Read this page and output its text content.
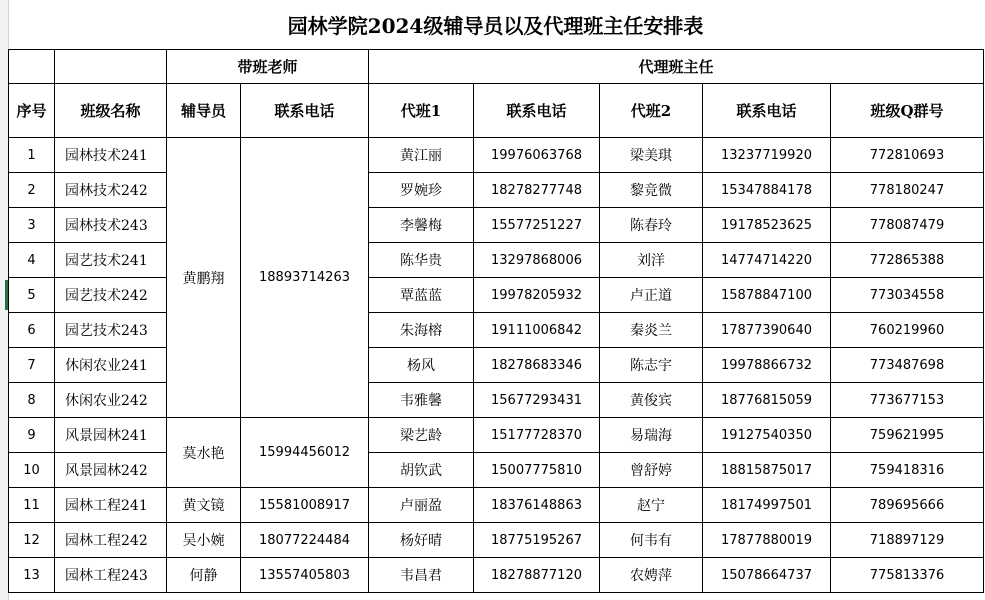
园林学院2024级辅导员以及代理班主任安排表
		带班老师		代理班主任				
序号	班级名称	辅导员	联系电话	代班1	联系电话	代班2	联系电话	班级Q群号
1	园林技术241	黄鹏翔	18893714263	黄江丽	19976063768	梁美琪	13237719920	772810693
2	园林技术242			罗婉珍	18278277748	黎竞微	15347884178	778180247
3	园林技术243			李馨梅	15577251227	陈春玲	19178523625	778087479
4	园艺技术241			陈华贵	13297868006	刘洋	14774714220	772865388
5	园艺技术242			覃蓝蓝	19978205932	卢正道	15878847100	773034558
6	园艺技术243			朱海榕	19111006842	秦炎兰	17877390640	760219960
7	休闲农业241			杨风	18278683346	陈志宇	19978866732	773487698
8	休闲农业242			韦雅馨	15677293431	黄俊宾	18776815059	773677153
9	风景园林241	莫水艳	15994456012	梁艺龄	15177728370	易瑞海	19127540350	759621995
10	风景园林242			胡钦武	15007775810	曾舒婷	18815875017	759418316
11	园林工程241	黄文镜	15581008917	卢丽盈	18376148863	赵宁	18174997501	789695666
12	园林工程242	吴小婉	18077224484	杨好晴	18775195267	何韦有	17877880019	718897129
13	园林工程243	何静	13557405803	韦昌君	18278877120	农娉萍	15078664737	775813376
